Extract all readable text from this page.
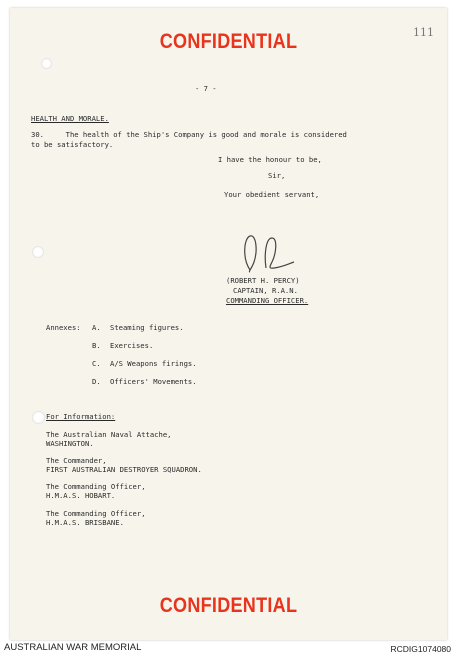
CONFIDENTIAL	111
- 7 -
HEALTH AND MORALE.
30.     The health of the Ship's Company is good and morale is considered
to be satisfactory.
I have the honour to be,
Sir,
Your obedient servant,
(ROBERT H. PERCY)
CAPTAIN, R.A.N.
COMMANDING OFFICER.
Annexes: A. Steaming figures.
B. Exercises.
C. A/S Weapons firings.
D. Officers' Movements.
For Information:
The Australian Naval Attache,
WASHINGTON.
The Commander,
FIRST AUSTRALIAN DESTROYER SQUADRON.
The Commanding Officer,
H.M.A.S. HOBART.
The Commanding Officer,
H.M.A.S. BRISBANE.
CONFIDENTIAL
AUSTRALIAN WAR MEMORIAL	RCDIG1074080
